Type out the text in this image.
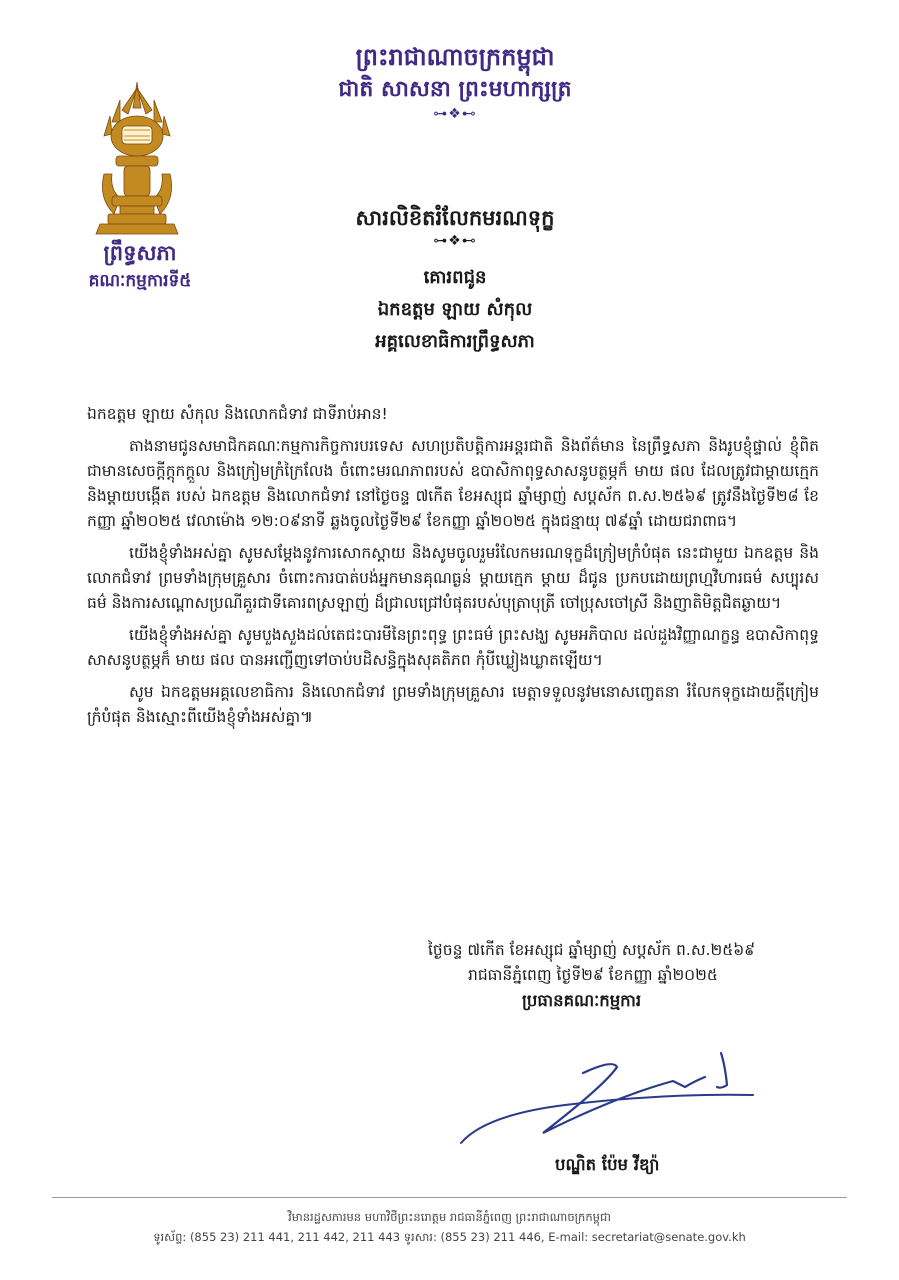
ព្រះរាជាណាចក្រកម្ពុជា
ជាតិ សាសនា ព្រះមហាក្សត្រ
⊶❖⊷
ព្រឹទ្ធសភា
គណៈកម្មការទី៥
សារលិខិតរំលែកមរណទុក្ខ
⊶❖⊷
គោរពជូន
ឯកឧត្តម ឡាយ សំកុល
អគ្គលេខាធិការព្រឹទ្ធសភា
ឯកឧត្តម ឡាយ សំកុល និងលោកជំទាវ ជាទីរាប់អាន!

តាងនាមជូនសមាជិកគណៈកម្មការកិច្ចការបរទេស សហប្រតិបត្តិការអន្តរជាតិ និងព័ត៌មាន នៃព្រឹទ្ធសភា និងរូបខ្ញុំផ្ទាល់ ខ្ញុំពិតជាមានសេចក្តីក្តុកក្តួល និងក្រៀមក្រំក្រៃលែង ចំពោះមរណភាពរបស់ ឧបាសិកាពុទ្ធសាសនូបត្ថម្ភក៏ មាយ ផល ដែលត្រូវជាម្តាយក្មេក និងម្តាយបង្កើត របស់ ឯកឧត្តម និងលោកជំទាវ នៅថ្ងៃចន្ទ ៧កើត ខែអស្សុជ ឆ្នាំម្សាញ់ សប្តស័ក ព.ស.២៥៦៩ ត្រូវនឹងថ្ងៃទី២៨ ខែកញ្ញា ឆ្នាំ២០២៥ វេលាម៉ោង ១២:០៩នាទី ឆ្លងចូលថ្ងៃទី២៩ ខែកញ្ញា ឆ្នាំ២០២៥ ក្នុងជន្មាយុ ៧៩ឆ្នាំ ដោយជរាពាធ។

យើងខ្ញុំទាំងអស់គ្នា សូមសម្តែងនូវការសោកស្តាយ និងសូមចូលរួមរំលែកមរណទុក្ខដ៏ក្រៀមក្រំបំផុត នេះជាមួយ ឯកឧត្តម និងលោកជំទាវ ព្រមទាំងក្រុមគ្រួសារ ចំពោះការបាត់បង់អ្នកមានគុណធ្ងន់ ម្តាយក្មេក ម្តាយ ដ៏ជូន ប្រកបដោយព្រហ្មវិហារធម៌ សប្បុរសធម៌ និងការសណ្តោសប្រណីគួរជាទីគោរពស្រឡាញ់ ដ៏ជ្រាលជ្រៅបំផុតរបស់បុត្រាបុត្រី ចៅប្រុសចៅស្រី និងញាតិមិត្តជិតឆ្ងាយ។

យើងខ្ញុំទាំងអស់គ្នា សូមបួងសួងដល់តេជះបារមីនៃព្រះពុទ្ធ ព្រះធម៌ ព្រះសង្ឃ សូមអភិបាល ដល់ដួងវិញ្ញាណក្ខន្ធ ឧបាសិកាពុទ្ធសាសនូបត្ថម្ភក៏ មាយ ផល បានអញ្ជើញទៅចាប់បដិសន្ធិក្នុងសុគតិភព កុំបីឃ្លៀងឃ្លាតឡើយ។

សូម ឯកឧត្តមអគ្គលេខាធិការ និងលោកជំទាវ ព្រមទាំងក្រុមគ្រួសារ មេត្តាទទួលនូវមនោសញ្ចេតនា រំលែកទុក្ខដោយក្តីក្រៀមក្រំបំផុត និងស្មោះពីយើងខ្ញុំទាំងអស់គ្នា៕

ថ្ងៃចន្ទ ៧កើត ខែអស្សុជ ឆ្នាំម្សាញ់ សប្តស័ក ព.ស.២៥៦៩
រាជធានីភ្នំពេញ ថ្ងៃទី២៩ ខែកញ្ញា ឆ្នាំ២០២៥
ប្រធានគណៈកម្មការ
បណ្ឌិត ប៉ែម វីឌ្យ៉ា
វិមានរដ្ឋសភារមន មហាវិថីព្រះនរោត្តម រាជធានីភ្នំពេញ ព្រះរាជាណាចក្រកម្ពុជា
ទូរស័ព្ទ: (855 23) 211 441, 211 442, 211 443 ទូរសារ: (855 23) 211 446, E-mail: secretariat@senate.gov.kh
